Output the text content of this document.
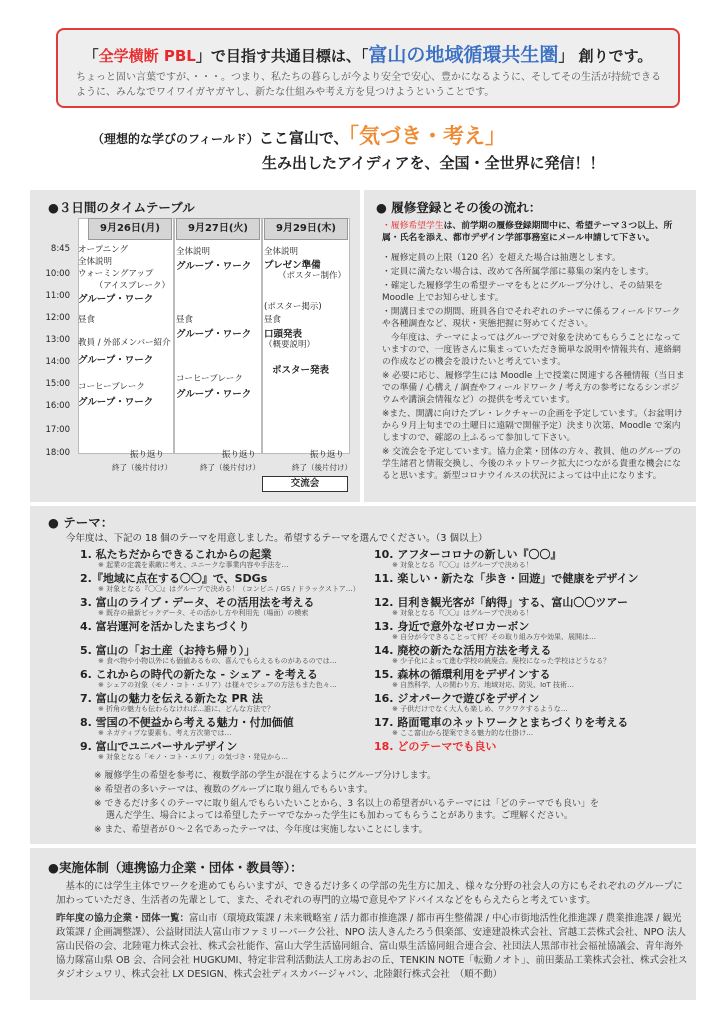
「全学横断 PBL」で目指す共通目標は、「富山の地域循環共生圏」 創りです。
ちょっと固い言葉ですが、・・・。つまり、私たちの暮らしが今より安全で安心、豊かになるように、そしてその生活が持続できるように、みんなでワイワイガヤガヤし、新たな仕組みや考え方を見つけようということです。
（理想的な学びのフィールド）ここ富山で、「気づき・考え」
生み出したアイディアを、全国・全世界に発信！！
●３日間のタイムテーブル
9月26日(月)	9月27日(火)	9月29日(木)
8:45
10:00
11:00
12:00
13:00
14:00
15:00
16:00
17:00
18:00
オープニング
全体説明
ウォーミングアップ
（アイスブレーク）
グループ・ワーク
昼食
教員 / 外部メンバー紹介
グループ・ワーク
コーヒーブレーク
グループ・ワーク
振り返り
終了（後片付け）
全体説明
グループ・ワーク
昼食
グループ・ワーク
コーヒーブレーク
グループ・ワーク
振り返り
終了（後片付け）
全体説明
プレゼン準備
（ポスター制作）
(ポスター掲示)
昼食
口頭発表
（概要説明）
ポスター発表
振り返り
終了（後片付け）
交流会
● 履修登録とその後の流れ：
・履修希望学生は、前学期の履修登録期間中に、希望テーマ３つ以上、所属・氏名を添え、都市デザイン学部事務室にメール申請して下さい。
・履修定員の上限（120 名）を超えた場合は抽選とします。
・定員に満たない場合は、改めて各所属学部に募集の案内をします。
・確定した履修学生の希望テーマをもとにグループ分けし、その結果を Moodle 上でお知らせします。
・開講日までの期間、班員各自でそれぞれのテーマに係るフィールドワークや各種調査など、現状・実態把握に努めてください。
　今年度は、テーマによってはグループで対象を決めてもらうことになっていますので、一度皆さんに集まっていただき簡単な説明や情報共有、連絡網の作成などの機会を設けたいと考えています。
※ 必要に応じ、履修学生には Moodle 上で授業に関連する各種情報（当日までの準備 / 心構え / 調査やフィールドワーク / 考え方の参考になるシンポジウムや講演会情報など）の提供を考えています。
※また、開講に向けたプレ・レクチャーの企画を予定しています。（お盆明けから９月上旬までの土曜日に遠隔で開催予定）決まり次第、Moodle で案内しますので、確認の上ふるって参加して下さい。
※ 交流会を予定しています。協力企業・団体の方々、教員、他のグループの学生諸君と情報交換し、今後のネットワーク拡大につながる貴重な機会になると思います。新型コロナウイルスの状況によっては中止になります。
● テーマ：
今年度は、下記の 18 個のテーマを用意しました。希望するテーマを選んでください。（3 個以上）
1. 私たちだからできるこれからの起業
※ 起業の定義を素敵に考え、ユニークな事業内容や手法を…
2.『地域に点在する〇〇』で、SDGs
※ 対象となる『〇〇』はグループで決める！（コンビニ / GS / ドラックストア…）
3. 富山のライブ・データ、その活用法を考える
※ 既存の最新ビックデータ、その活かし方や利用先（場面）の模索
4. 富岩運河を活かしたまちづくり
5. 富山の「お土産（お持ち帰り）」
※ 食べ物や小物以外にも価値あるもの、喜んでもらえるものがあるのでは…
6. これからの時代の新たな - シェア - を考える
※ シェアの対象（モノ・コト・エリア）は様々でシェアの方法もまた色々…
7. 富山の魅力を伝える新たな PR 法
※ 折角の魅力も伝わらなければ…誰に、どんな方法で？
8. 雪国の不便益から考える魅力・付加価値
※ ネガティブな要素も、考え方次第では…
9. 富山でユニバーサルデザイン
※ 対象となる「モノ・コト・エリア」の気づき・発見から…
10. アフターコロナの新しい『〇〇』
※ 対象となる『〇〇』はグループで決める！
11. 楽しい・新たな「歩き・回遊」で健康をデザイン
12. 目利き観光客が「納得」する、富山〇〇ツアー
※ 対象となる『〇〇』はグループで決める！
13. 身近で意外なゼロカーボン
※ 自分が今できることって何？その取り組み方や効果、展開は…
14. 廃校の新たな活用方法を考える
※ 少子化によって進む学校の統廃合。廃校になった学校はどうなる？
15. 森林の循環利用をデザインする
※ 自然科学、人の関わり方、地域対応、防災、IoT 技術…
16. ジオパークで遊びをデザイン
※ 子供だけでなく大人も楽しめ、ワクワクするような…
17. 路面電車のネットワークとまちづくりを考える
※ ここ富山から提案できる魅力的な仕掛け…
18. どのテーマでも良い
※ 履修学生の希望を参考に、複数学部の学生が混在するようにグループ分けします。
※ 希望者の多いテーマは、複数のグループに取り組んでもらいます。
※ できるだけ多くのテーマに取り組んでもらいたいことから、3 名以上の希望者がいるテーマには「どのテーマでも良い」を
　 選んだ学生、場合によっては希望したテーマでなかった学生にも加わってもらうことがあります。ご理解ください。
※ また、希望者が０〜２名であったテーマは、今年度は実施しないことにします。
●実施体制（連携協力企業・団体・教員等）：
　基本的には学生主体でワークを進めてもらいますが、できるだけ多くの学部の先生方に加え、様々な分野の社会人の方にもそれぞれのグループに加わっていただき、生活者の先輩として、また、それぞれの専門的立場で意見やアドバイスなどをもらえたらと考えています。
昨年度の協力企業・団体一覧：富山市（環境政策課 / 未来戦略室 / 活力都市推進課 / 都市再生整備課 / 中心市街地活性化推進課 / 農業推進課 / 観光政策課 / 企画調整課）、公益財団法人富山市ファミリーパーク公社、NPO 法人きんたろう倶楽部、安達建設株式会社、宮越工芸株式会社、NPO 法人富山民俗の会、北陸電力株式会社、株式会社能作、富山大学生活協同組合、富山県生活協同組合連合会、社団法人黒部市社会福祉協議会、青年海外協力隊富山県 OB 会、合同会社 HUGKUMI、特定非営利活動法人工房あおの丘、TENKIN NOTE「転勤ノオト」、前田薬品工業株式会社、株式会社スタジオシュワリ、株式会社 LX DESIGN、株式会社ディスカバージャパン、北陸銀行株式会社　（順不動）
